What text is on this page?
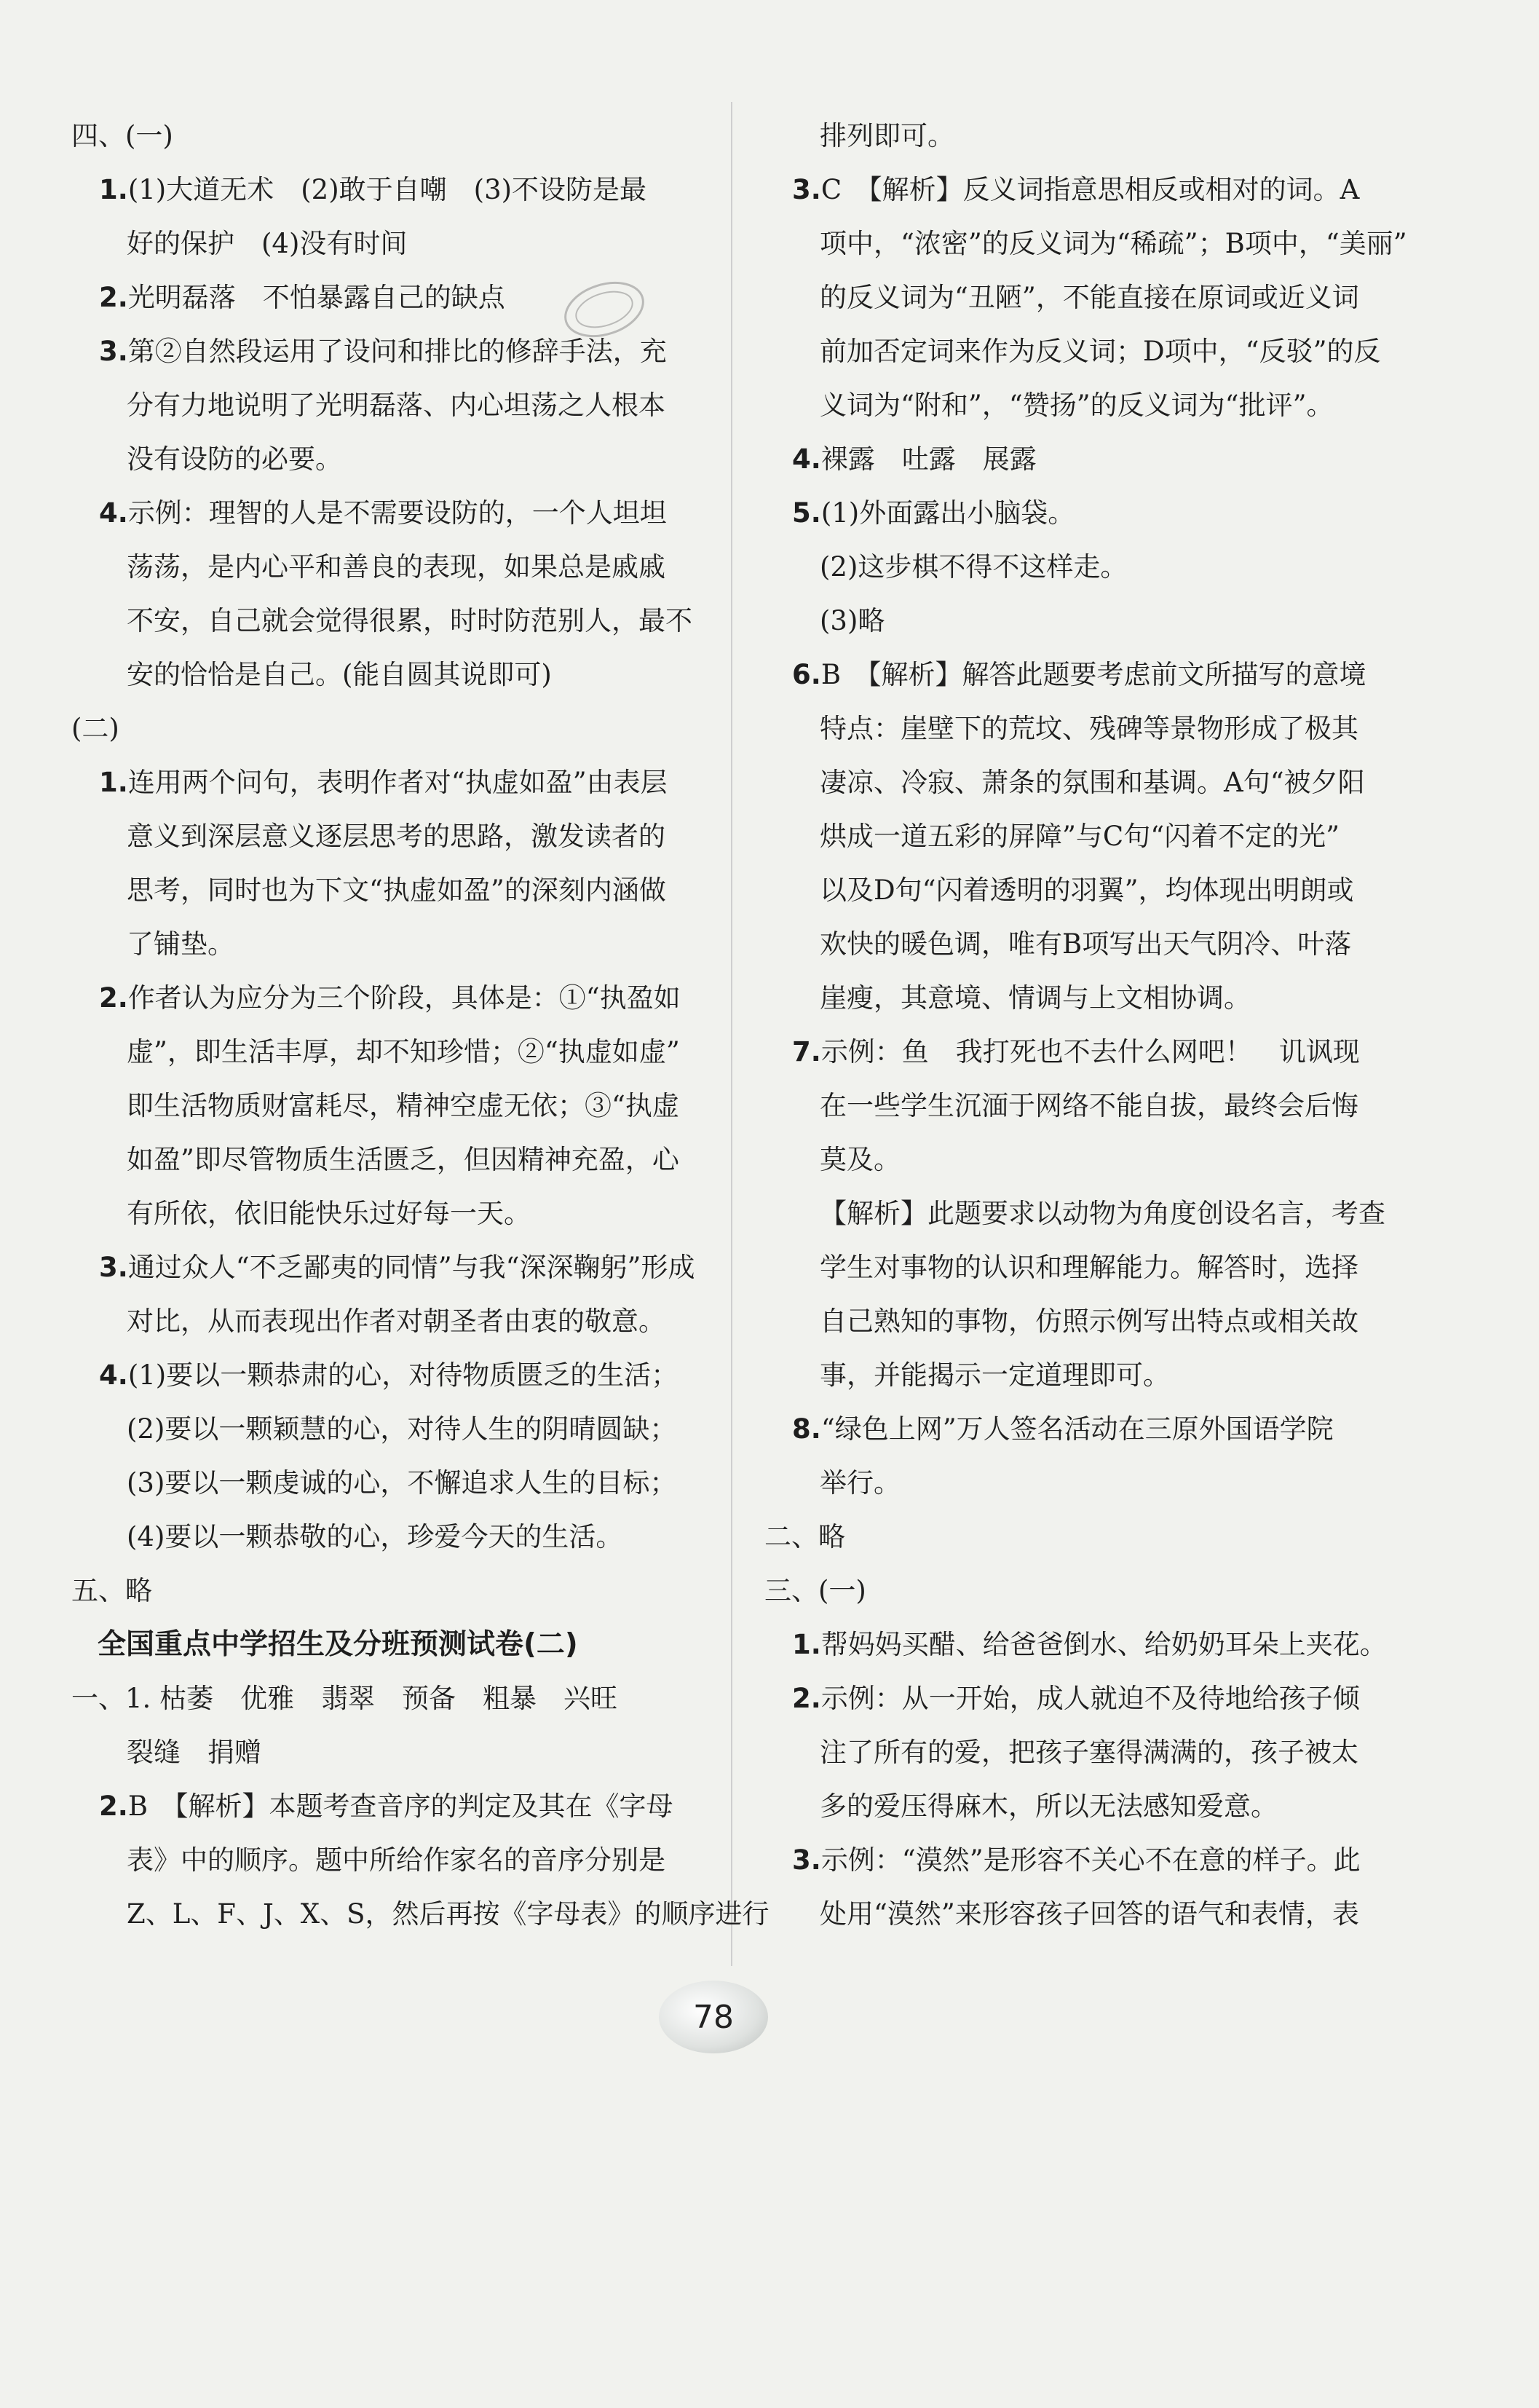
四、(一)
1.(1)大道无术　(2)敢于自嘲　(3)不设防是最
好的保护　(4)没有时间
2.光明磊落　不怕暴露自己的缺点
3.第②自然段运用了设问和排比的修辞手法，充
分有力地说明了光明磊落、内心坦荡之人根本
没有设防的必要。
4.示例：理智的人是不需要设防的，一个人坦坦
荡荡，是内心平和善良的表现，如果总是戚戚
不安，自己就会觉得很累，时时防范别人，最不
安的恰恰是自己。(能自圆其说即可)
(二)
1.连用两个问句，表明作者对“执虚如盈”由表层
意义到深层意义逐层思考的思路，激发读者的
思考，同时也为下文“执虚如盈”的深刻内涵做
了铺垫。
2.作者认为应分为三个阶段，具体是：①“执盈如
虚”，即生活丰厚，却不知珍惜；②“执虚如虚”
即生活物质财富耗尽，精神空虚无依；③“执虚
如盈”即尽管物质生活匮乏，但因精神充盈，心
有所依，依旧能快乐过好每一天。
3.通过众人“不乏鄙夷的同情”与我“深深鞠躬”形成
对比，从而表现出作者对朝圣者由衷的敬意。
4.(1)要以一颗恭肃的心，对待物质匮乏的生活；
(2)要以一颗颖慧的心，对待人生的阴晴圆缺；
(3)要以一颗虔诚的心，不懈追求人生的目标；
(4)要以一颗恭敬的心，珍爱今天的生活。
五、略
全国重点中学招生及分班预测试卷(二)
一、1. 枯萎　优雅　翡翠　预备　粗暴　兴旺
裂缝　捐赠
2.B　【解析】本题考查音序的判定及其在《字母
表》中的顺序。题中所给作家名的音序分别是
Z、L、F、J、X、S，然后再按《字母表》的顺序进行
排列即可。
3.C　【解析】反义词指意思相反或相对的词。A
项中，“浓密”的反义词为“稀疏”；B项中，“美丽”
的反义词为“丑陋”，不能直接在原词或近义词
前加否定词来作为反义词；D项中，“反驳”的反
义词为“附和”，“赞扬”的反义词为“批评”。
4.裸露　吐露　展露
5.(1)外面露出小脑袋。
(2)这步棋不得不这样走。
(3)略
6.B　【解析】解答此题要考虑前文所描写的意境
特点：崖壁下的荒坟、残碑等景物形成了极其
凄凉、冷寂、萧条的氛围和基调。A句“被夕阳
烘成一道五彩的屏障”与C句“闪着不定的光”
以及D句“闪着透明的羽翼”，均体现出明朗或
欢快的暖色调，唯有B项写出天气阴冷、叶落
崖瘦，其意境、情调与上文相协调。
7.示例：鱼　我打死也不去什么网吧！　讥讽现
在一些学生沉湎于网络不能自拔，最终会后悔
莫及。
【解析】此题要求以动物为角度创设名言，考查
学生对事物的认识和理解能力。解答时，选择
自己熟知的事物，仿照示例写出特点或相关故
事，并能揭示一定道理即可。
8.“绿色上网”万人签名活动在三原外国语学院
举行。
二、略
三、(一)
1.帮妈妈买醋、给爸爸倒水、给奶奶耳朵上夹花。
2.示例：从一开始，成人就迫不及待地给孩子倾
注了所有的爱，把孩子塞得满满的，孩子被太
多的爱压得麻木，所以无法感知爱意。
3.示例：“漠然”是形容不关心不在意的样子。此
处用“漠然”来形容孩子回答的语气和表情，表
78
